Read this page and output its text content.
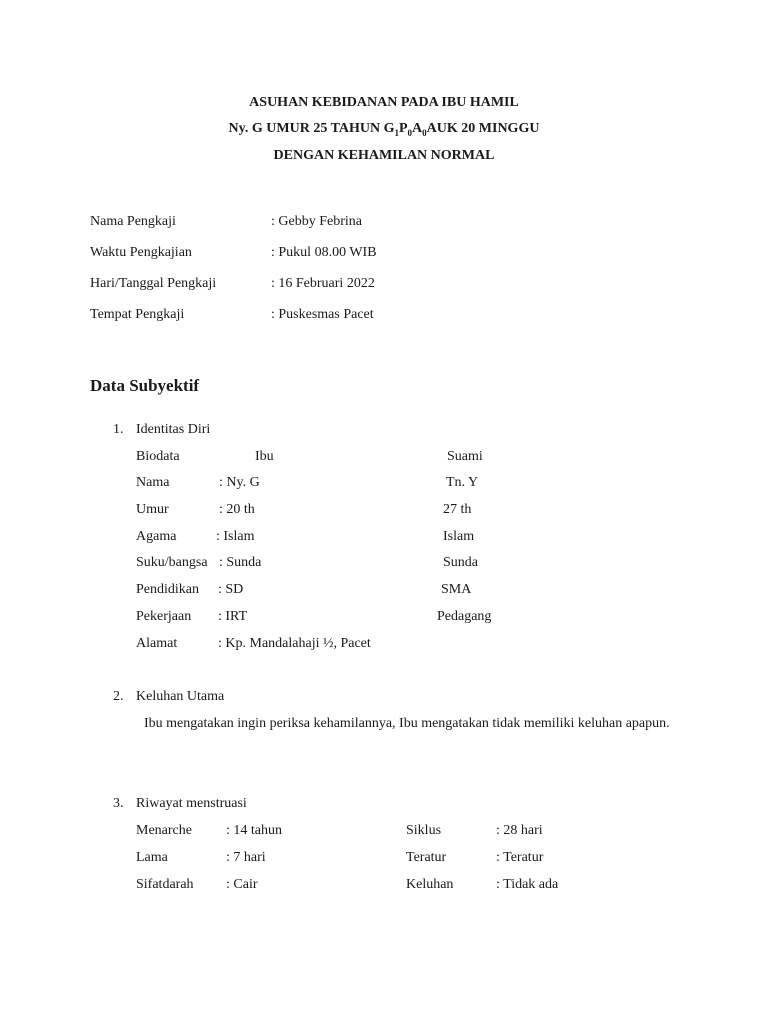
ASUHAN KEBIDANAN PADA IBU HAMIL
Ny. G UMUR 25 TAHUN $G_1P_0A_0AUK$ 20 MINGGU
DENGAN KEHAMILAN NORMAL
Nama Pengkaji	: Gebby Febrina
Waktu Pengkajian	: Pukul 08.00 WIB
Hari/Tanggal Pengkaji	: 16 Februari 2022
Tempat Pengkaji	: Puskesmas Pacet
Data Subyektif
1. Identitas Diri
Biodata	Ibu	Suami
Nama	: Ny. G	Tn. Y
Umur	: 20 th	27 th
Agama	: Islam	Islam
Suku/bangsa : Sunda	Sunda
Pendidikan : SD	SMA
Pekerjaan : IRT	Pedagang
Alamat	: Kp. Mandalahaji ½, Pacet
2. Keluhan Utama
Ibu mengatakan ingin periksa kehamilannya, Ibu mengatakan tidak memiliki keluhan apapun.
3. Riwayat menstruasi
Menarche : 14 tahun	Siklus	: 28 hari
Lama	: 7 hari	Teratur	: Teratur
Sifatdarah : Cair	Keluhan	: Tidak ada
